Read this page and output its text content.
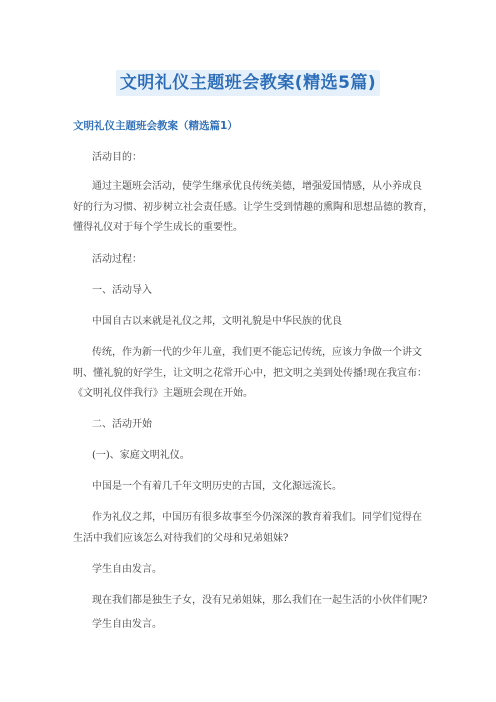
文明礼仪主题班会教案(精选5篇)
文明礼仪主题班会教案（精选篇1）
活动目的：
通过主题班会活动，使学生继承优良传统美德，增强爱国情感，从小养成良
好的行为习惯、初步树立社会责任感。让学生受到情趣的熏陶和思想品德的教育，
懂得礼仪对于每个学生成长的重要性。
活动过程：
一、活动导入
中国自古以来就是礼仪之邦，文明礼貌是中华民族的优良
传统，作为新一代的少年儿童，我们更不能忘记传统，应该力争做一个讲文
明、懂礼貌的好学生，让文明之花常开心中，把文明之美到处传播!现在我宣布：
《文明礼仪伴我行》主题班会现在开始。
二、活动开始
(一)、家庭文明礼仪。
中国是一个有着几千年文明历史的古国，文化源远流长。
作为礼仪之邦，中国历有很多故事至今仍深深的教育着我们。同学们觉得在
生活中我们应该怎么对待我们的父母和兄弟姐妹?
学生自由发言。
现在我们都是独生子女，没有兄弟姐妹，那么我们在一起生活的小伙伴们呢?
学生自由发言。
